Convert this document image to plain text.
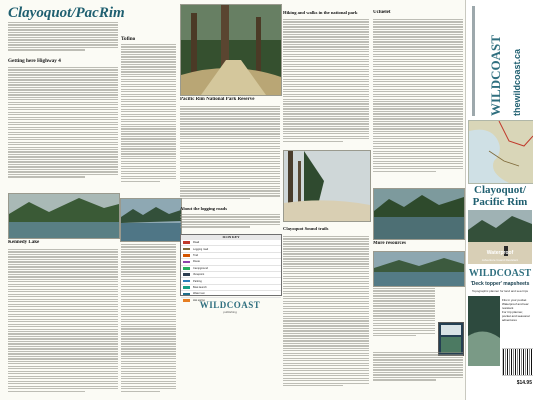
Clayoquot/PacRim
Getting here Highway 4
Tofino
Pacific Rim National Park Reserve
Hiking and walks in the national park	Ucluelet
About the logging roads
ICON KEY
Road
Logging road
Trail
Route
Campground
Viewpoint
Parking
Boat launch
Water taxi
Hot spring
WILDCOAST
publishing
Kennedy Lake
Clayoquot Sound trails
More resources
thewildcoast.ca
WILDCOAST
Clayoquot/ Pacific Rim
Waterproof
Adventure Guard Resistant
WILDCOAST
'Deck topper' mapsheets
Topographic planner for land and sea trips
Fits in your pocket
Waterproof and tear resistant
For trip planner, pocket and seasonal adventures
$14.95
